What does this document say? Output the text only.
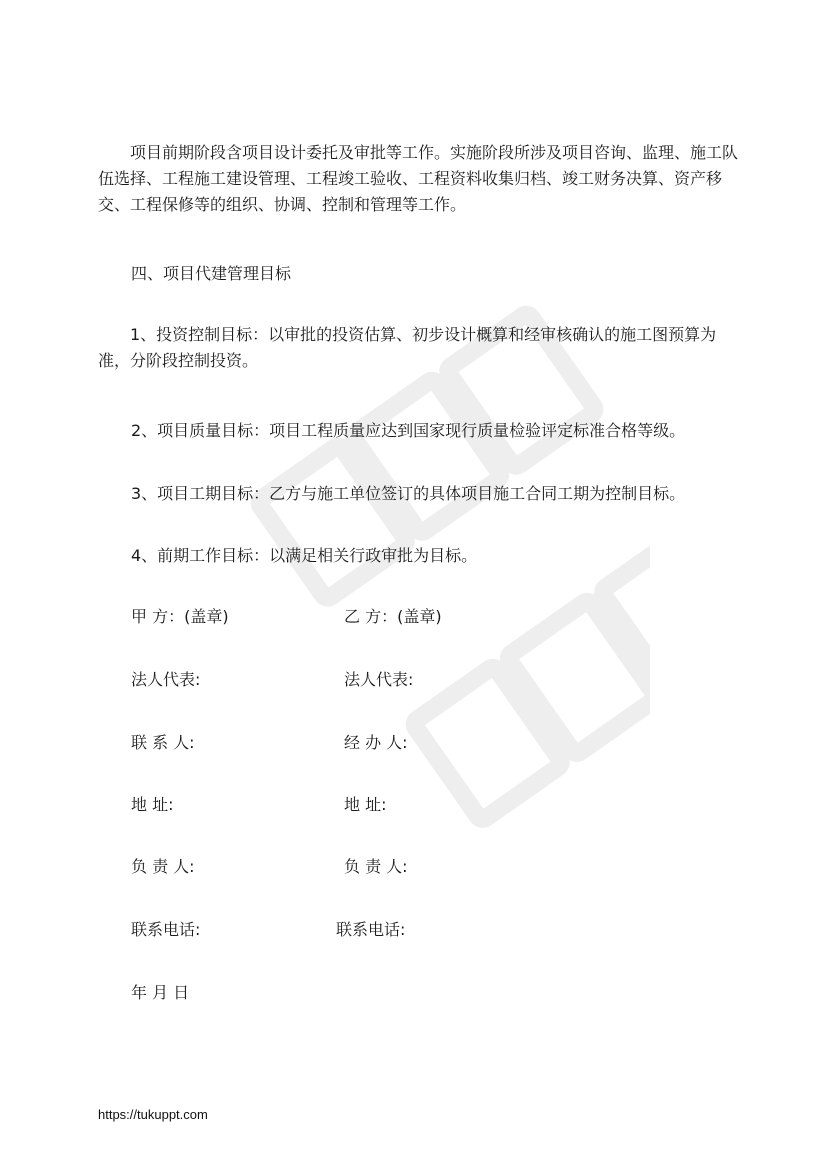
项目前期阶段含项目设计委托及审批等工作。实施阶段所涉及项目咨询、监理、施工队伍选择、工程施工建设管理、工程竣工验收、工程资料收集归档、竣工财务决算、资产移交、工程保修等的组织、协调、控制和管理等工作。

四、项目代建管理目标

1、投资控制目标：以审批的投资估算、初步设计概算和经审核确认的施工图预算为准，分阶段控制投资。

2、项目质量目标：项目工程质量应达到国家现行质量检验评定标准合格等级。

3、项目工期目标：乙方与施工单位签订的具体项目施工合同工期为控制目标。

4、前期工作目标：以满足相关行政审批为目标。

甲 方：(盖章)	乙 方：(盖章)

法人代表:	法人代表:

联 系 人:	经 办 人:

地 址:	地 址:

负 责 人:	负 责 人:

联系电话:	联系电话:

年 月 日

https://tukuppt.com
